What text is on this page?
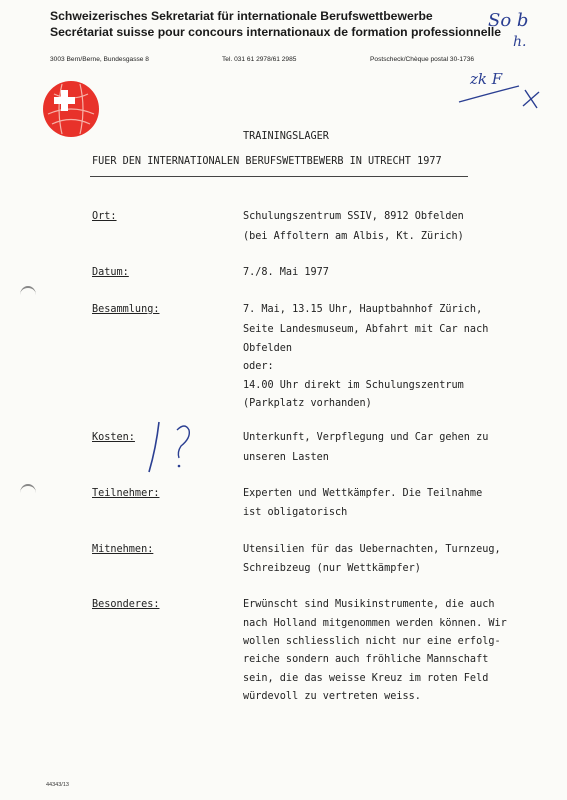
Schweizerisches Sekretariat für internationale Berufswettbewerbe
Secrétariat suisse pour concours internationaux de formation professionnelle
3003 Bern/Berne, Bundesgasse 8	Tel. 031 61 2978/61 2985	Postscheck/Chèque postal 30-1736
So b
h.
zk F
TRAININGSLAGER
FUER DEN INTERNATIONALEN BERUFSWETTBEWERB IN UTRECHT 1977
Ort:	Schulungszentrum SSIV, 8912 Obfelden
(bei Affoltern am Albis, Kt. Zürich)
Datum:	7./8. Mai 1977
Besammlung:	7. Mai, 13.15 Uhr, Hauptbahnhof Zürich,
Seite Landesmuseum, Abfahrt mit Car nach
Obfelden
oder:
14.00 Uhr direkt im Schulungszentrum
(Parkplatz vorhanden)
Kosten:	Unterkunft, Verpflegung und Car gehen zu
unseren Lasten
Teilnehmer:	Experten und Wettkämpfer. Die Teilnahme
ist obligatorisch
Mitnehmen:	Utensilien für das Uebernachten, Turnzeug,
Schreibzeug (nur Wettkämpfer)
Besonderes:	Erwünscht sind Musikinstrumente, die auch
nach Holland mitgenommen werden können. Wir
wollen schliesslich nicht nur eine erfolg-
reiche sondern auch fröhliche Mannschaft
sein, die das weisse Kreuz im roten Feld
würdevoll zu vertreten weiss.
44343/13
